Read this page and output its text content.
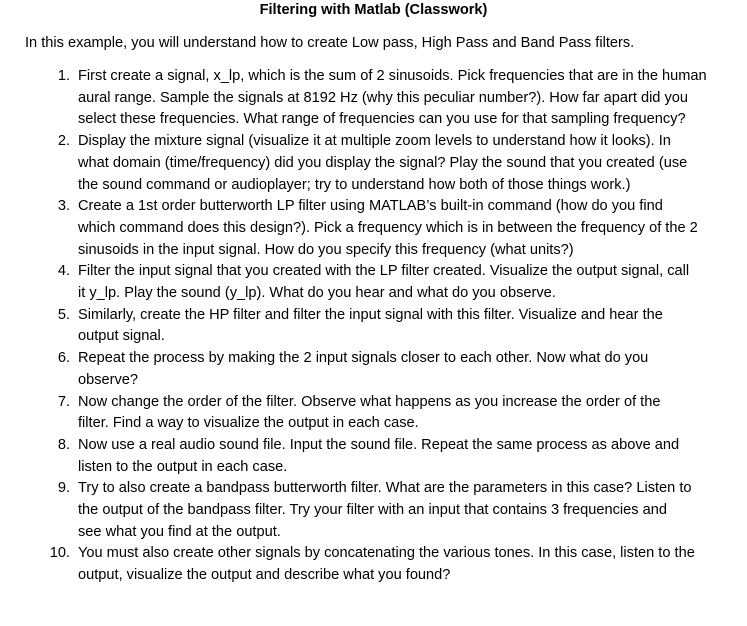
Filtering with Matlab (Classwork)

In this example, you will understand how to create Low pass, High Pass and Band Pass filters.

1. First create a signal, x_lp, which is the sum of 2 sinusoids. Pick frequencies that are in the human
aural range. Sample the signals at 8192 Hz (why this peculiar number?). How far apart did you
select these frequencies. What range of frequencies can you use for that sampling frequency?
2. Display the mixture signal (visualize it at multiple zoom levels to understand how it looks). In
what domain (time/frequency) did you display the signal? Play the sound that you created (use
the sound command or audioplayer; try to understand how both of those things work.)
3. Create a 1st order butterworth LP filter using MATLAB’s built-in command (how do you find
which command does this design?). Pick a frequency which is in between the frequency of the 2
sinusoids in the input signal. How do you specify this frequency (what units?)
4. Filter the input signal that you created with the LP filter created. Visualize the output signal, call
it y_lp. Play the sound (y_lp). What do you hear and what do you observe.
5. Similarly, create the HP filter and filter the input signal with this filter. Visualize and hear the
output signal.
6. Repeat the process by making the 2 input signals closer to each other. Now what do you
observe?
7. Now change the order of the filter. Observe what happens as you increase the order of the
filter. Find a way to visualize the output in each case.
8. Now use a real audio sound file. Input the sound file. Repeat the same process as above and
listen to the output in each case.
9. Try to also create a bandpass butterworth filter. What are the parameters in this case? Listen to
the output of the bandpass filter. Try your filter with an input that contains 3 frequencies and
see what you find at the output.
10. You must also create other signals by concatenating the various tones. In this case, listen to the
output, visualize the output and describe what you found?
